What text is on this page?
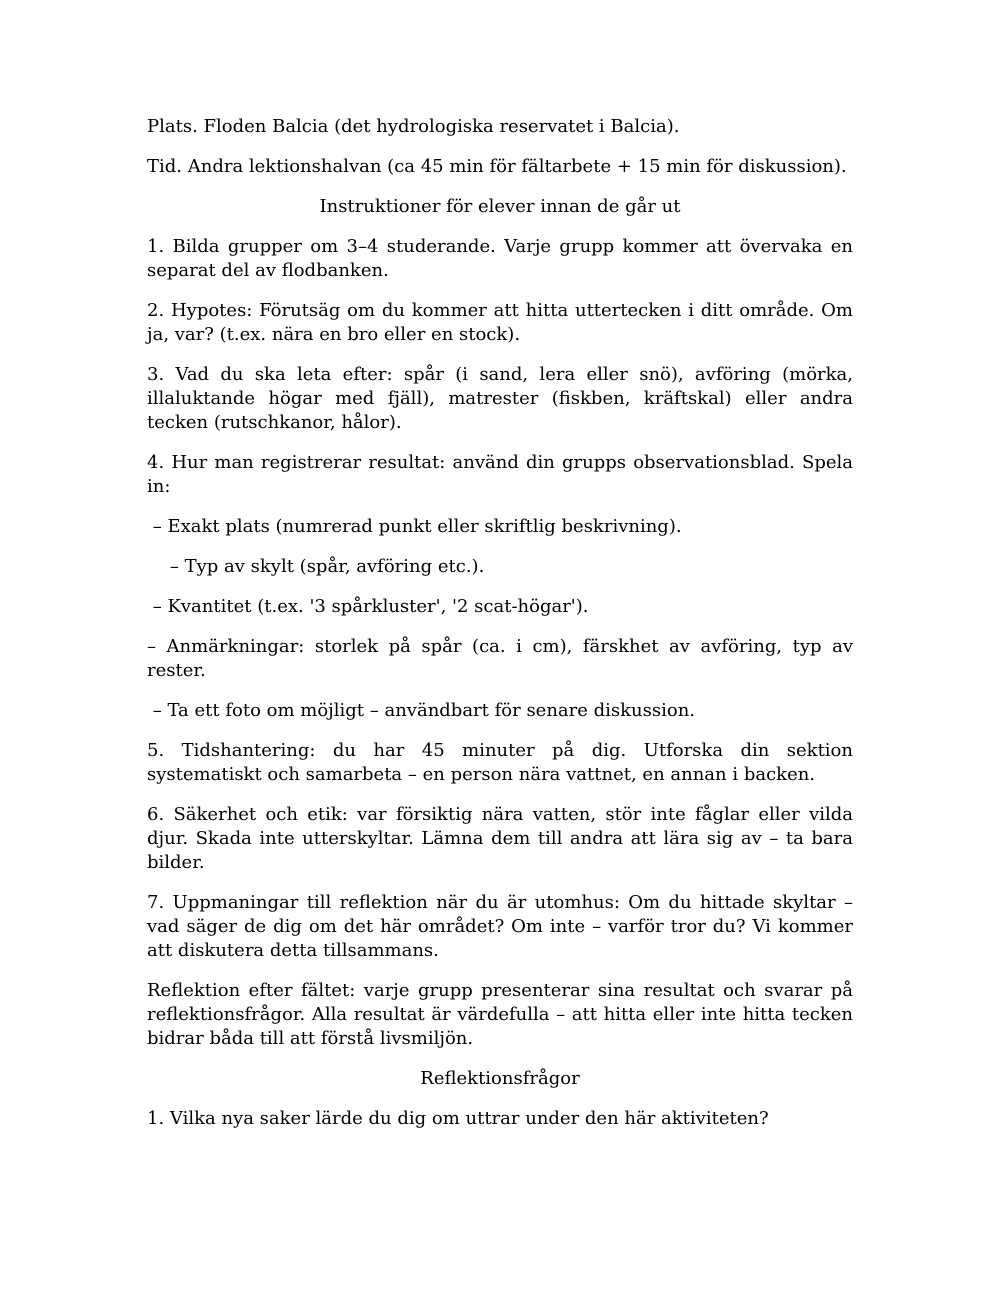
Plats. Floden Balcia (det hydrologiska reservatet i Balcia).

Tid. Andra lektionshalvan (ca 45 min för fältarbete + 15 min för diskussion).

Instruktioner för elever innan de går ut

1. Bilda grupper om 3–4 studerande. Varje grupp kommer att övervaka en separat del av flodbanken.

2. Hypotes: Förutsäg om du kommer att hitta uttertecken i ditt område. Om ja, var? (t.ex. nära en bro eller en stock).

3. Vad du ska leta efter: spår (i sand, lera eller snö), avföring (mörka, illaluktande högar med fjäll), matrester (fiskben, kräftskal) eller andra tecken (rutschkanor, hålor).

4. Hur man registrerar resultat: använd din grupps observationsblad. Spela in:

– Exakt plats (numrerad punkt eller skriftlig beskrivning).

– Typ av skylt (spår, avföring etc.).

– Kvantitet (t.ex. '3 spårkluster', '2 scat-högar').

– Anmärkningar: storlek på spår (ca. i cm), färskhet av avföring, typ av rester.

– Ta ett foto om möjligt – användbart för senare diskussion.

5. Tidshantering: du har 45 minuter på dig. Utforska din sektion systematiskt och samarbeta – en person nära vattnet, en annan i backen.

6. Säkerhet och etik: var försiktig nära vatten, stör inte fåglar eller vilda djur. Skada inte utterskyltar. Lämna dem till andra att lära sig av – ta bara bilder.

7. Uppmaningar till reflektion när du är utomhus: Om du hittade skyltar – vad säger de dig om det här området? Om inte – varför tror du? Vi kommer att diskutera detta tillsammans.

Reflektion efter fältet: varje grupp presenterar sina resultat och svarar på reflektionsfrågor. Alla resultat är värdefulla – att hitta eller inte hitta tecken bidrar båda till att förstå livsmiljön.

Reflektionsfrågor

1. Vilka nya saker lärde du dig om uttrar under den här aktiviteten?
